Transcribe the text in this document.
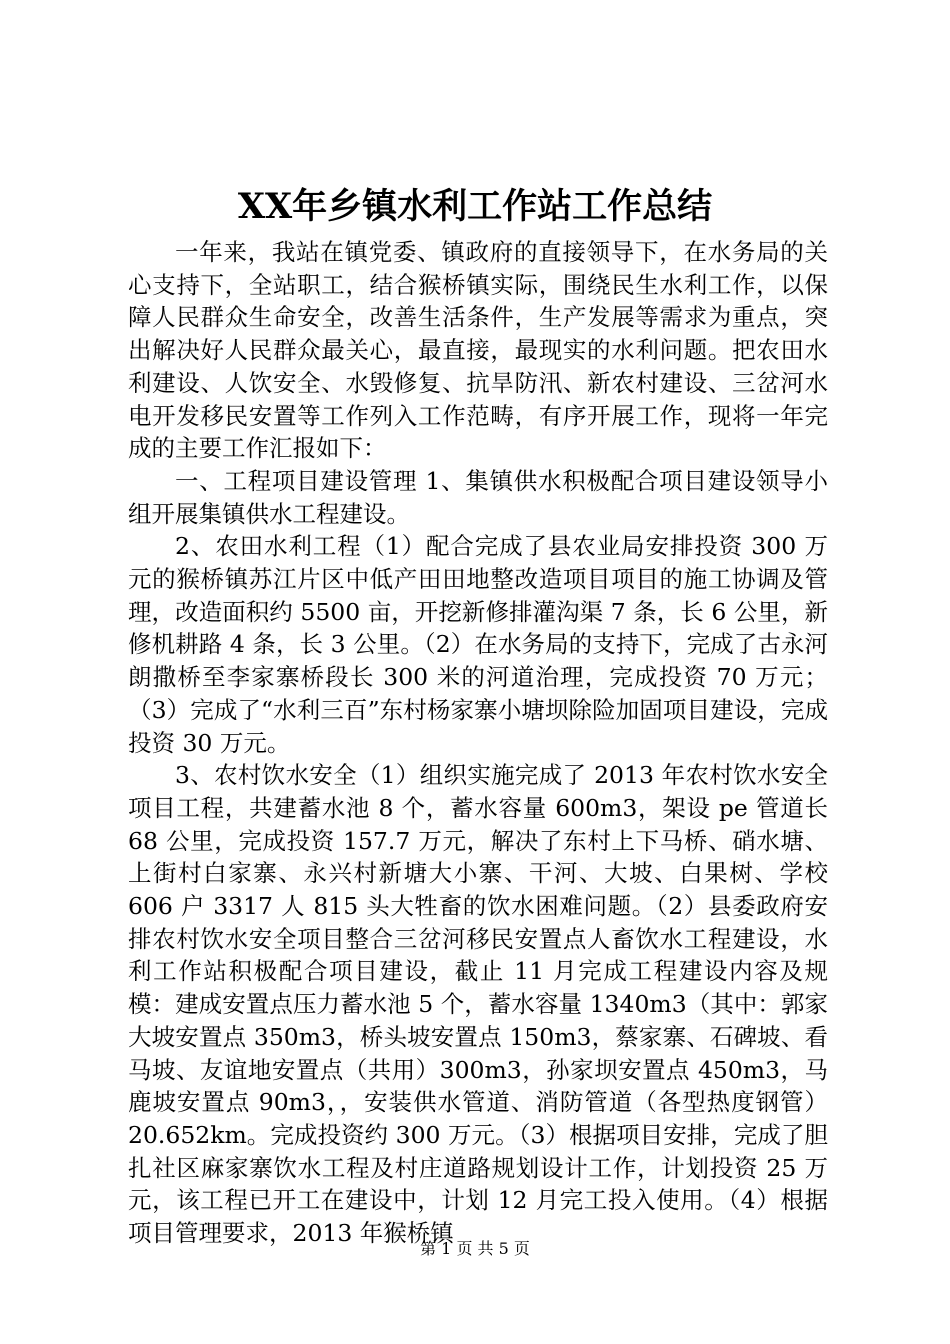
XX年乡镇水利工作站工作总结

一年来，我站在镇党委、镇政府的直接领导下，在水务局的关心支持下，全站职工，结合猴桥镇实际，围绕民生水利工作，以保障人民群众生命安全，改善生活条件，生产发展等需求为重点，突出解决好人民群众最关心，最直接，最现实的水利问题。把农田水利建设、人饮安全、水毁修复、抗旱防汛、新农村建设、三岔河水电开发移民安置等工作列入工作范畴，有序开展工作，现将一年完成的主要工作汇报如下：

一、工程项目建设管理 1、集镇供水积极配合项目建设领导小组开展集镇供水工程建设。

2、农田水利工程（1）配合完成了县农业局安排投资 300 万元的猴桥镇苏江片区中低产田田地整改造项目项目的施工协调及管理，改造面积约 5500 亩，开挖新修排灌沟渠 7 条，长 6 公里，新修机耕路 4 条，长 3 公里。（2）在水务局的支持下，完成了古永河朗撒桥至李家寨桥段长 300 米的河道治理，完成投资 70 万元；（3）完成了“水利三百”东村杨家寨小塘坝除险加固项目建设，完成投资 30 万元。

3、农村饮水安全（1）组织实施完成了 2013 年农村饮水安全项目工程，共建蓄水池 8 个，蓄水容量 600m3，架设 pe 管道长 68 公里，完成投资 157.7 万元，解决了东村上下马桥、硝水塘、上街村白家寨、永兴村新塘大小寨、干河、大坡、白果树、学校 606 户 3317 人 815 头大牲畜的饮水困难问题。（2）县委政府安排农村饮水安全项目整合三岔河移民安置点人畜饮水工程建设，水利工作站积极配合项目建设，截止 11 月完成工程建设内容及规模：建成安置点压力蓄水池 5 个，蓄水容量 1340m3（其中：郭家大坡安置点 350m3，桥头坡安置点 150m3，蔡家寨、石碑坡、看马坡、友谊地安置点（共用）300m3，孙家坝安置点 450m3，马鹿坡安置点 90m3，，安装供水管道、消防管道（各型热度钢管）20.652km。完成投资约 300 万元。（3）根据项目安排，完成了胆扎社区麻家寨饮水工程及村庄道路规划设计工作，计划投资 25 万元，该工程已开工在建设中，计划 12 月完工投入使用。（4）根据项目管理要求，2013 年猴桥镇

第 1 页 共 5 页
